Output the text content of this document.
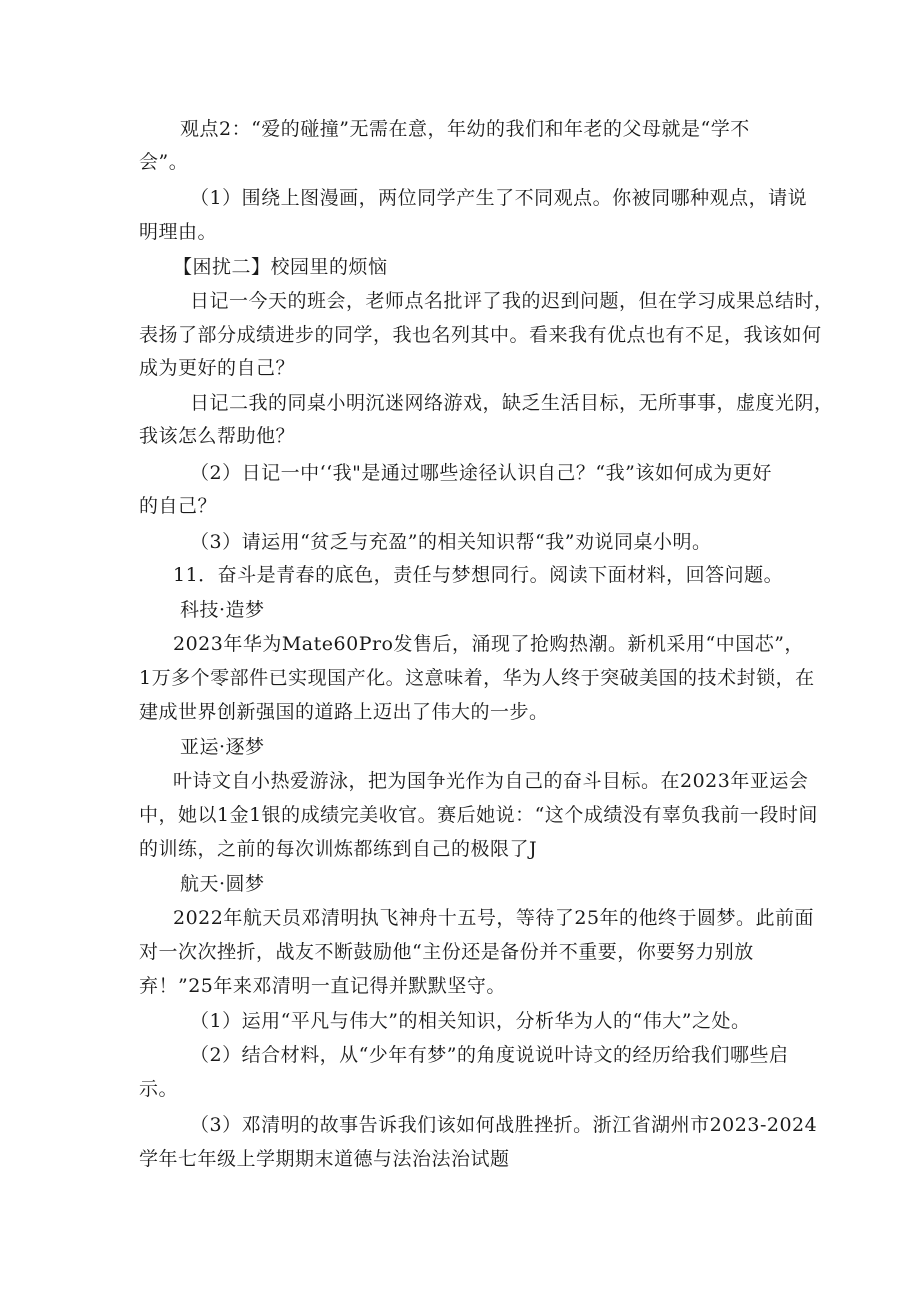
观点2：“爱的碰撞”无需在意，年幼的我们和年老的父母就是“学不
会”。
（1）围绕上图漫画，两位同学产生了不同观点。你被同哪种观点，请说
明理由。
【困扰二】校园里的烦恼
日记一今天的班会，老师点名批评了我的迟到问题，但在学习成果总结时，
表扬了部分成绩进步的同学，我也名列其中。看来我有优点也有不足，我该如何
成为更好的自己？
日记二我的同桌小明沉迷网络游戏，缺乏生活目标，无所事事，虚度光阴，
我该怎么帮助他？
（2）日记一中‘‘我"是通过哪些途径认识自己？“我”该如何成为更好
的自己？
（3）请运用“贫乏与充盈”的相关知识帮“我”劝说同桌小明。
11．奋斗是青春的底色，责任与梦想同行。阅读下面材料，回答问题。
科技·造梦
2023年华为Mate60Pro发售后，涌现了抢购热潮。新机采用“中国芯”，
1万多个零部件已实现国产化。这意味着，华为人终于突破美国的技术封锁，在
建成世界创新强国的道路上迈出了伟大的一步。
亚运·逐梦
叶诗文自小热爱游泳，把为国争光作为自己的奋斗目标。在2023年亚运会
中，她以1金1银的成绩完美收官。赛后她说：“这个成绩没有辜负我前一段时间
的训练，之前的每次训炼都练到自己的极限了J
航天·圆梦
2022年航天员邓清明执飞神舟十五号，等待了25年的他终于圆梦。此前面
对一次次挫折，战友不断鼓励他“主份还是备份并不重要，你要努力别放
弃！”25年来邓清明一直记得并默默坚守。
（1）运用“平凡与伟大”的相关知识，分析华为人的“伟大”之处。
（2）结合材料，从“少年有梦”的角度说说叶诗文的经历给我们哪些启
示。
（3）邓清明的故事告诉我们该如何战胜挫折。浙江省湖州市2023-2024
学年七年级上学期期末道德与法治法治试题
